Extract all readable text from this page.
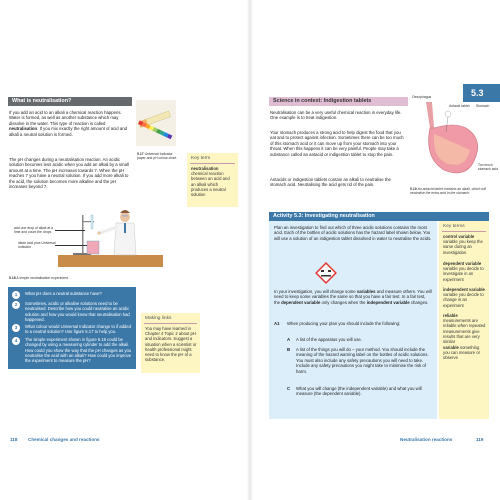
What is neutralisation?
If you add an acid to an alkali a chemical reaction happens. Water is formed, as well as another substance which may dissolve in the water. This type of reaction is called neutralisation. If you mix exactly the right amount of acid and alkali a neutral solution is formed.
The pH changes during a neutralisation reaction. An acidic solution becomes less acidic when you add an alkali by a small amount at a time. The pH increases towards 7. When the pH reaches 7 you have a neutral solution. If you add more alkali to the acid, the solution becomes more alkaline and the pH increases beyond 7.
5.17 Universal Indicator paper and pH colour chart.	Key term
neutralisation chemical reaction between an acid and an alkali which produces a neutral solution
add one drop of alkali at a time and count the drops
dilute acid plus Universal Indicator
5.18 A simple neutralisation experiment.
1	What pH does a neutral substance have?
2	Sometimes, acidic or alkaline solutions need to be neutralised. Describe how you could neutralise an acidic solution and how you would know that neutralisation had happened.
3	What colour would Universal Indicator change to if added to a neutral solution? Use figure 5.17 to help you.
4	The simple experiment shown in figure 5.18 could be changed by using a measuring cylinder to add the alkali. How could you show the way that the pH changes as you neutralise the acid with an alkali? How could you improve the experiment to measure the pH?
Making links
You may have learned in Chapter 4 Topic 2 about pH and indicators. Suggest a situation when a scientist or health professional might need to know the pH of a substance.
118 Chemical changes and reactions
5.3
Science in context: Indigestion tablets
Neutralisation can be a very useful chemical reaction in everyday life. One example is to treat indigestion.
Your stomach produces a strong acid to help digest the food that you eat and to protect against infection. Sometimes there can be too much of this stomach acid or it can move up from your stomach into your throat. When this happens it can be very painful. People may take a substance called an antacid or indigestion tablet to stop the pain.
Antacids or indigestion tablets contain an alkali to neutralise the stomach acid. Neutralising the acid gets rid of the pain.
Oesophagus
Antacid tablet Stomach
Too much stomach acid
5.19 An antacid tablet contains an alkali, which will neutralise the extra acid in the stomach.
Activity 5.3: Investigating neutralisation
Plan an investigation to find out which of three acidic solutions contains the most acid. Each of the bottles of acidic solutions has the hazard label shown below. You will use a solution of an indigestion tablet dissolved in water to neutralise the acids.
In your investigation, you will change some variables and measure others. You will need to keep some variables the same so that you have a fair test. In a fair test, the dependent variable only changes when the independent variable changes.
A1	When producing your plan you should include the following:
A A list of the apparatus you will use.
B A list of the things you will do – your method. You should include the meaning of the hazard warning label on the bottles of acidic solutions. You must also include any safety precautions you will need to take. Include any safety precautions you might take to minimise the risk of harm.
C What you will change (the independent variable) and what you will measure (the dependent variable).
Key terms
control variable variable you keep the same during an investigation
dependent variable variable you decide to investigate in an experiment
independent variable variable you decide to change in an experiment
reliable measurements are reliable when repeated measurements give results that are very similar
variable something you can measure or observe
Neutralisation reactions	119
